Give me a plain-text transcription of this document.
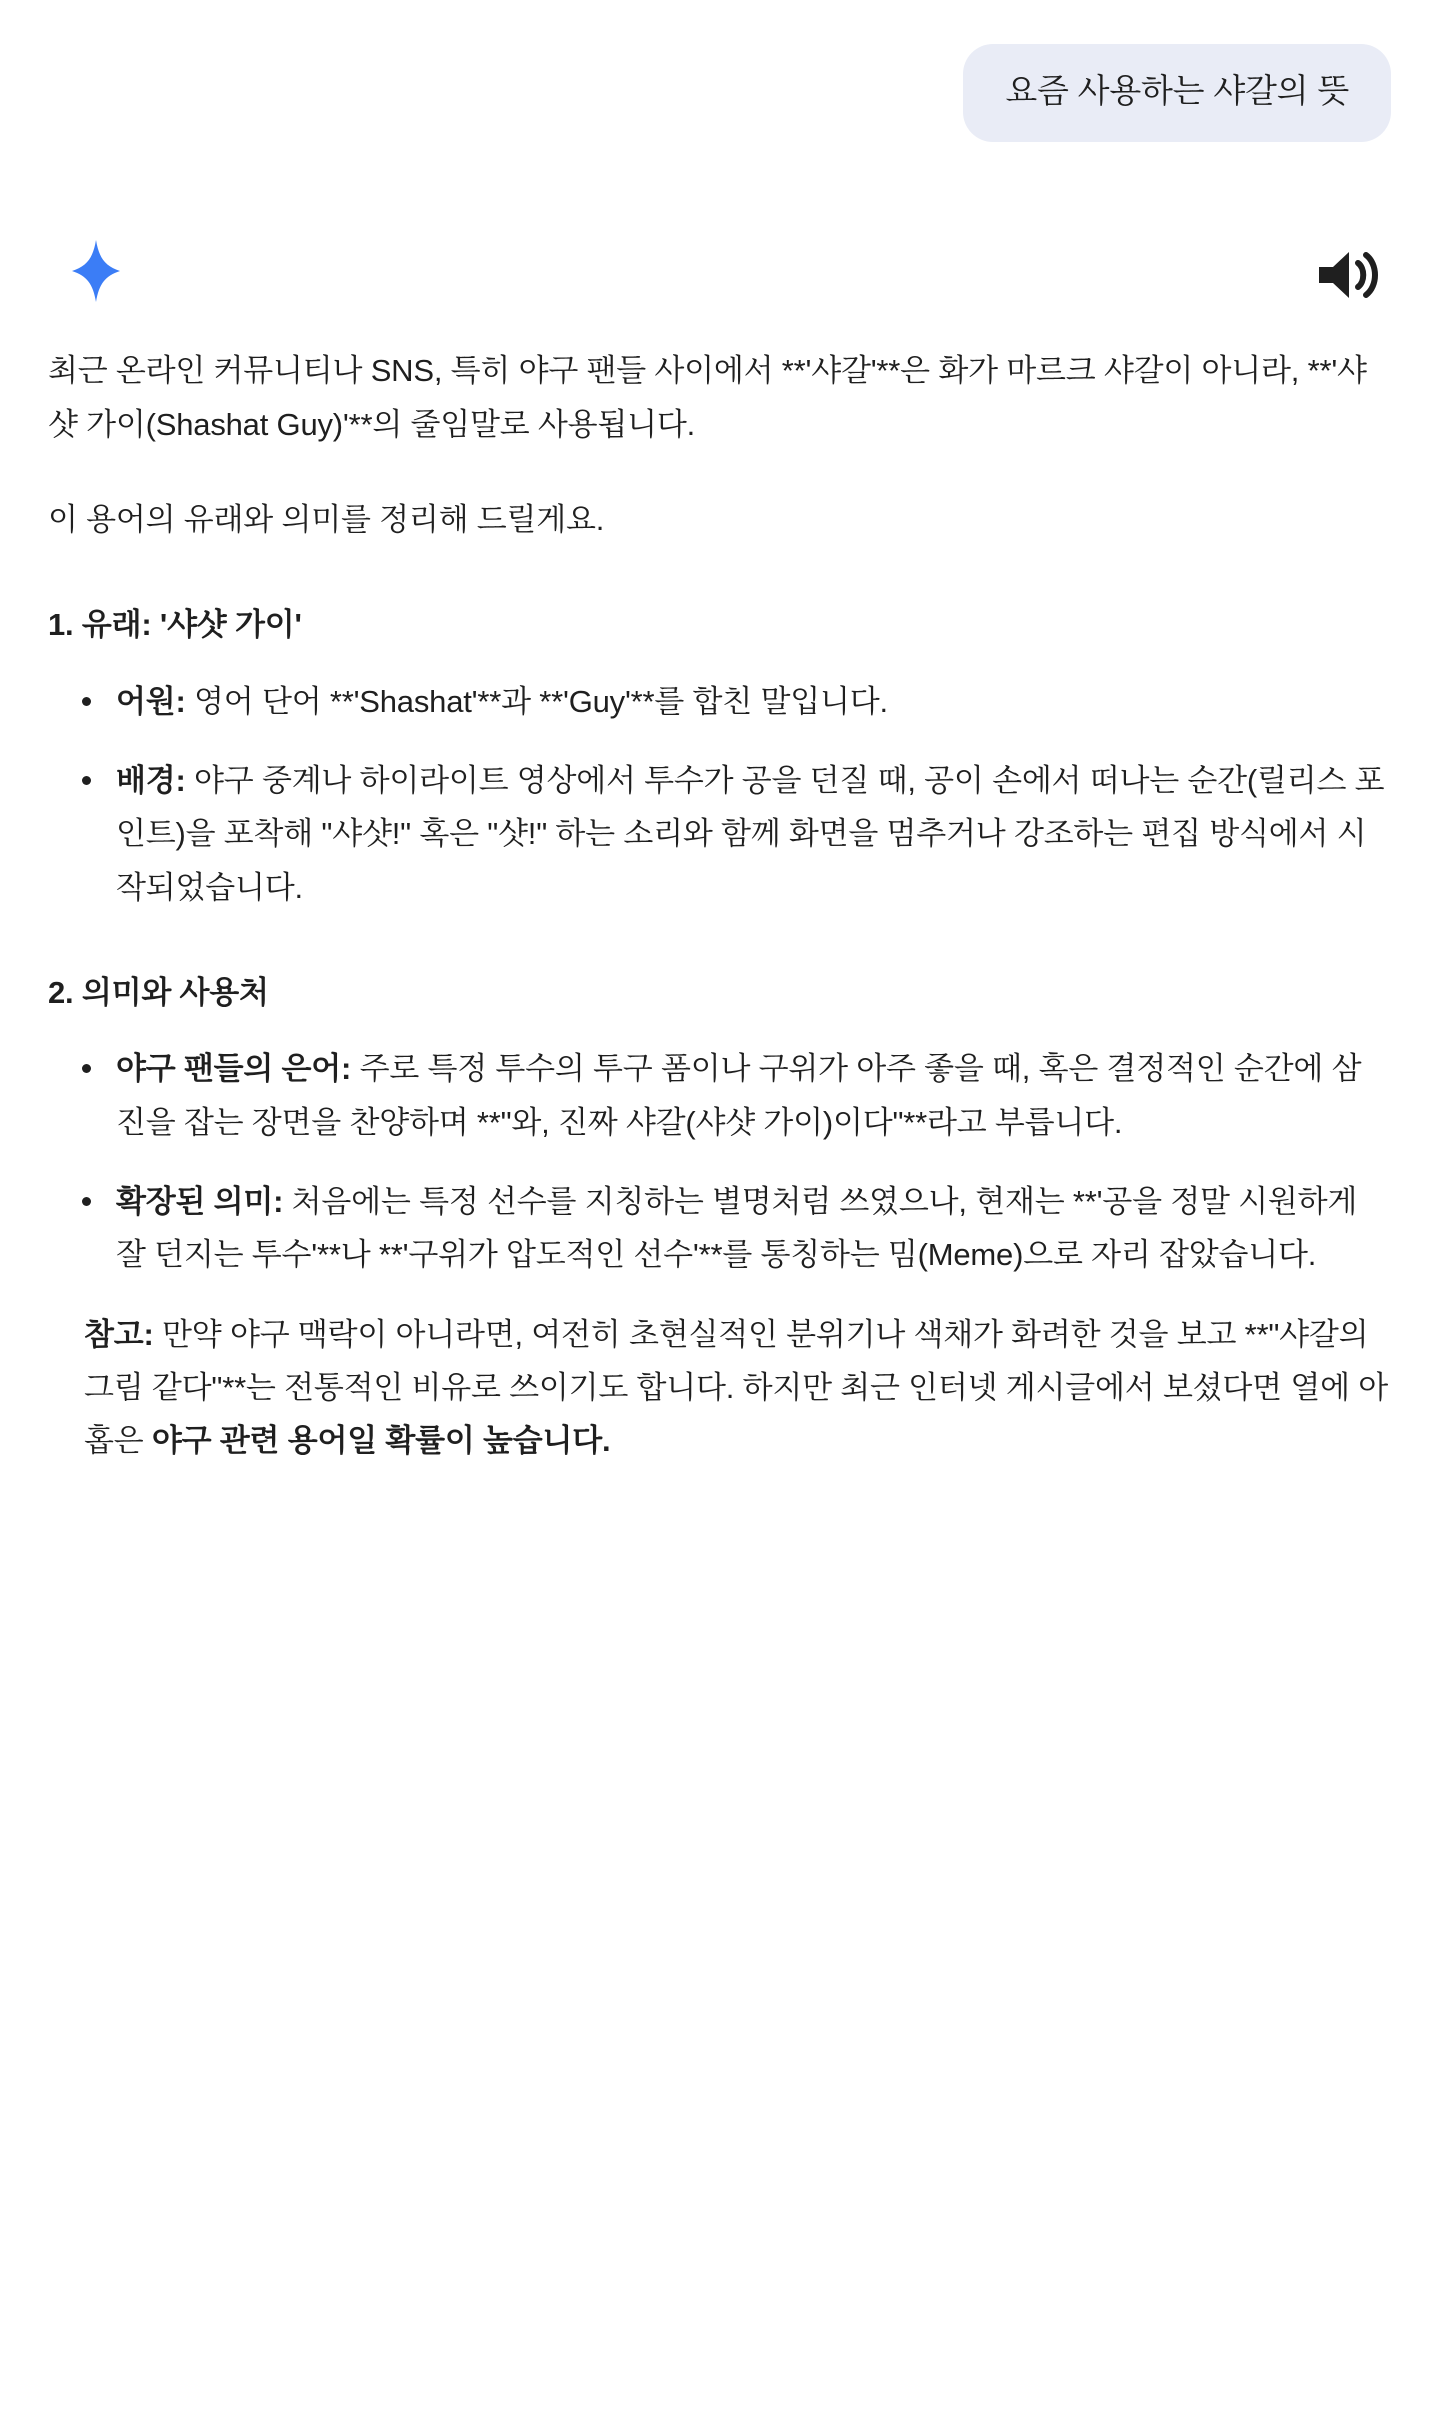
요즘 사용하는 샤갈의 뜻

최근 온라인 커뮤니티나 SNS, 특히 야구 팬들 사이에서 **'샤갈'**은 화가 마르크 샤갈이 아니라, **'샤샷 가이(Shashat Guy)'**의 줄임말로 사용됩니다.

이 용어의 유래와 의미를 정리해 드릴게요.

1. 유래: '샤샷 가이'
어원: 영어 단어 **'Shashat'**과 **'Guy'**를 합친 말입니다.
배경: 야구 중계나 하이라이트 영상에서 투수가 공을 던질 때, 공이 손에서 떠나는 순간(릴리스 포인트)을 포착해 "샤샷!" 혹은 "샷!" 하는 소리와 함께 화면을 멈추거나 강조하는 편집 방식에서 시작되었습니다.
2. 의미와 사용처
야구 팬들의 은어: 주로 특정 투수의 투구 폼이나 구위가 아주 좋을 때, 혹은 결정적인 순간에 삼진을 잡는 장면을 찬양하며 **"와, 진짜 샤갈(샤샷 가이)이다"**라고 부릅니다.
확장된 의미: 처음에는 특정 선수를 지칭하는 별명처럼 쓰였으나, 현재는 **'공을 정말 시원하게 잘 던지는 투수'**나 **'구위가 압도적인 선수'**를 통칭하는 밈(Meme)으로 자리 잡았습니다.

참고: 만약 야구 맥락이 아니라면, 여전히 초현실적인 분위기나 색채가 화려한 것을 보고 **"샤갈의 그림 같다"**는 전통적인 비유로 쓰이기도 합니다. 하지만 최근 인터넷 게시글에서 보셨다면 열에 아홉은 야구 관련 용어일 확률이 높습니다.
